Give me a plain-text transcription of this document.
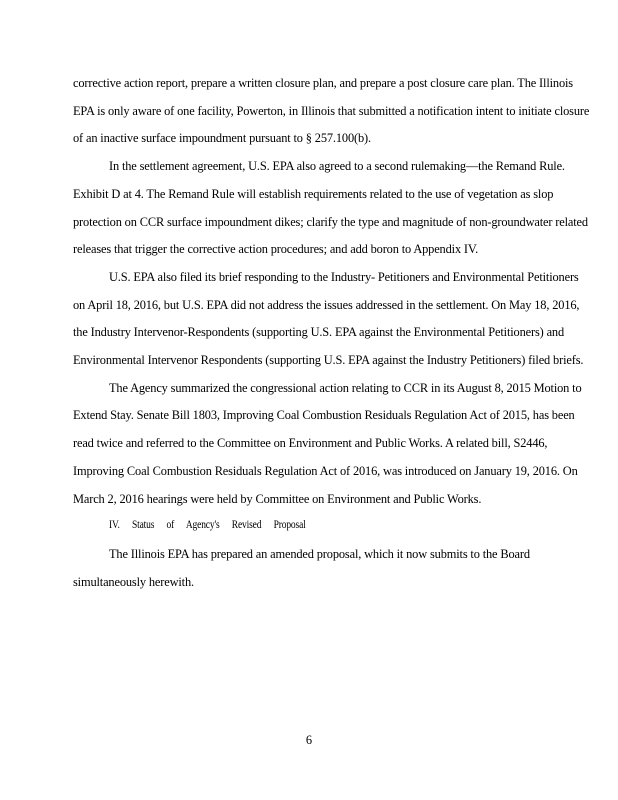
corrective action report, prepare a written closure plan, and prepare a post closure care plan. The Illinois EPA is only aware of one facility, Powerton, in Illinois that submitted a notification intent to initiate closure of an inactive surface impoundment pursuant to § 257.100(b).

In the settlement agreement, U.S. EPA also agreed to a second rulemaking—the Remand Rule. Exhibit D at 4. The Remand Rule will establish requirements related to the use of vegetation as slop protection on CCR surface impoundment dikes; clarify the type and magnitude of non-groundwater related releases that trigger the corrective action procedures; and add boron to Appendix IV.

U.S. EPA also filed its brief responding to the Industry- Petitioners and Environmental Petitioners on April 18, 2016, but U.S. EPA did not address the issues addressed in the settlement. On May 18, 2016, the Industry Intervenor-Respondents (supporting U.S. EPA against the Environmental Petitioners) and Environmental Intervenor Respondents (supporting U.S. EPA against the Industry Petitioners) filed briefs.

The Agency summarized the congressional action relating to CCR in its August 8, 2015 Motion to Extend Stay. Senate Bill 1803, Improving Coal Combustion Residuals Regulation Act of 2015, has been read twice and referred to the Committee on Environment and Public Works. A related bill, S2446, Improving Coal Combustion Residuals Regulation Act of 2016, was introduced on January 19, 2016. On March 2, 2016 hearings were held by Committee on Environment and Public Works.

IV. Status of Agency's Revised Proposal

The Illinois EPA has prepared an amended proposal, which it now submits to the Board simultaneously herewith.

6
